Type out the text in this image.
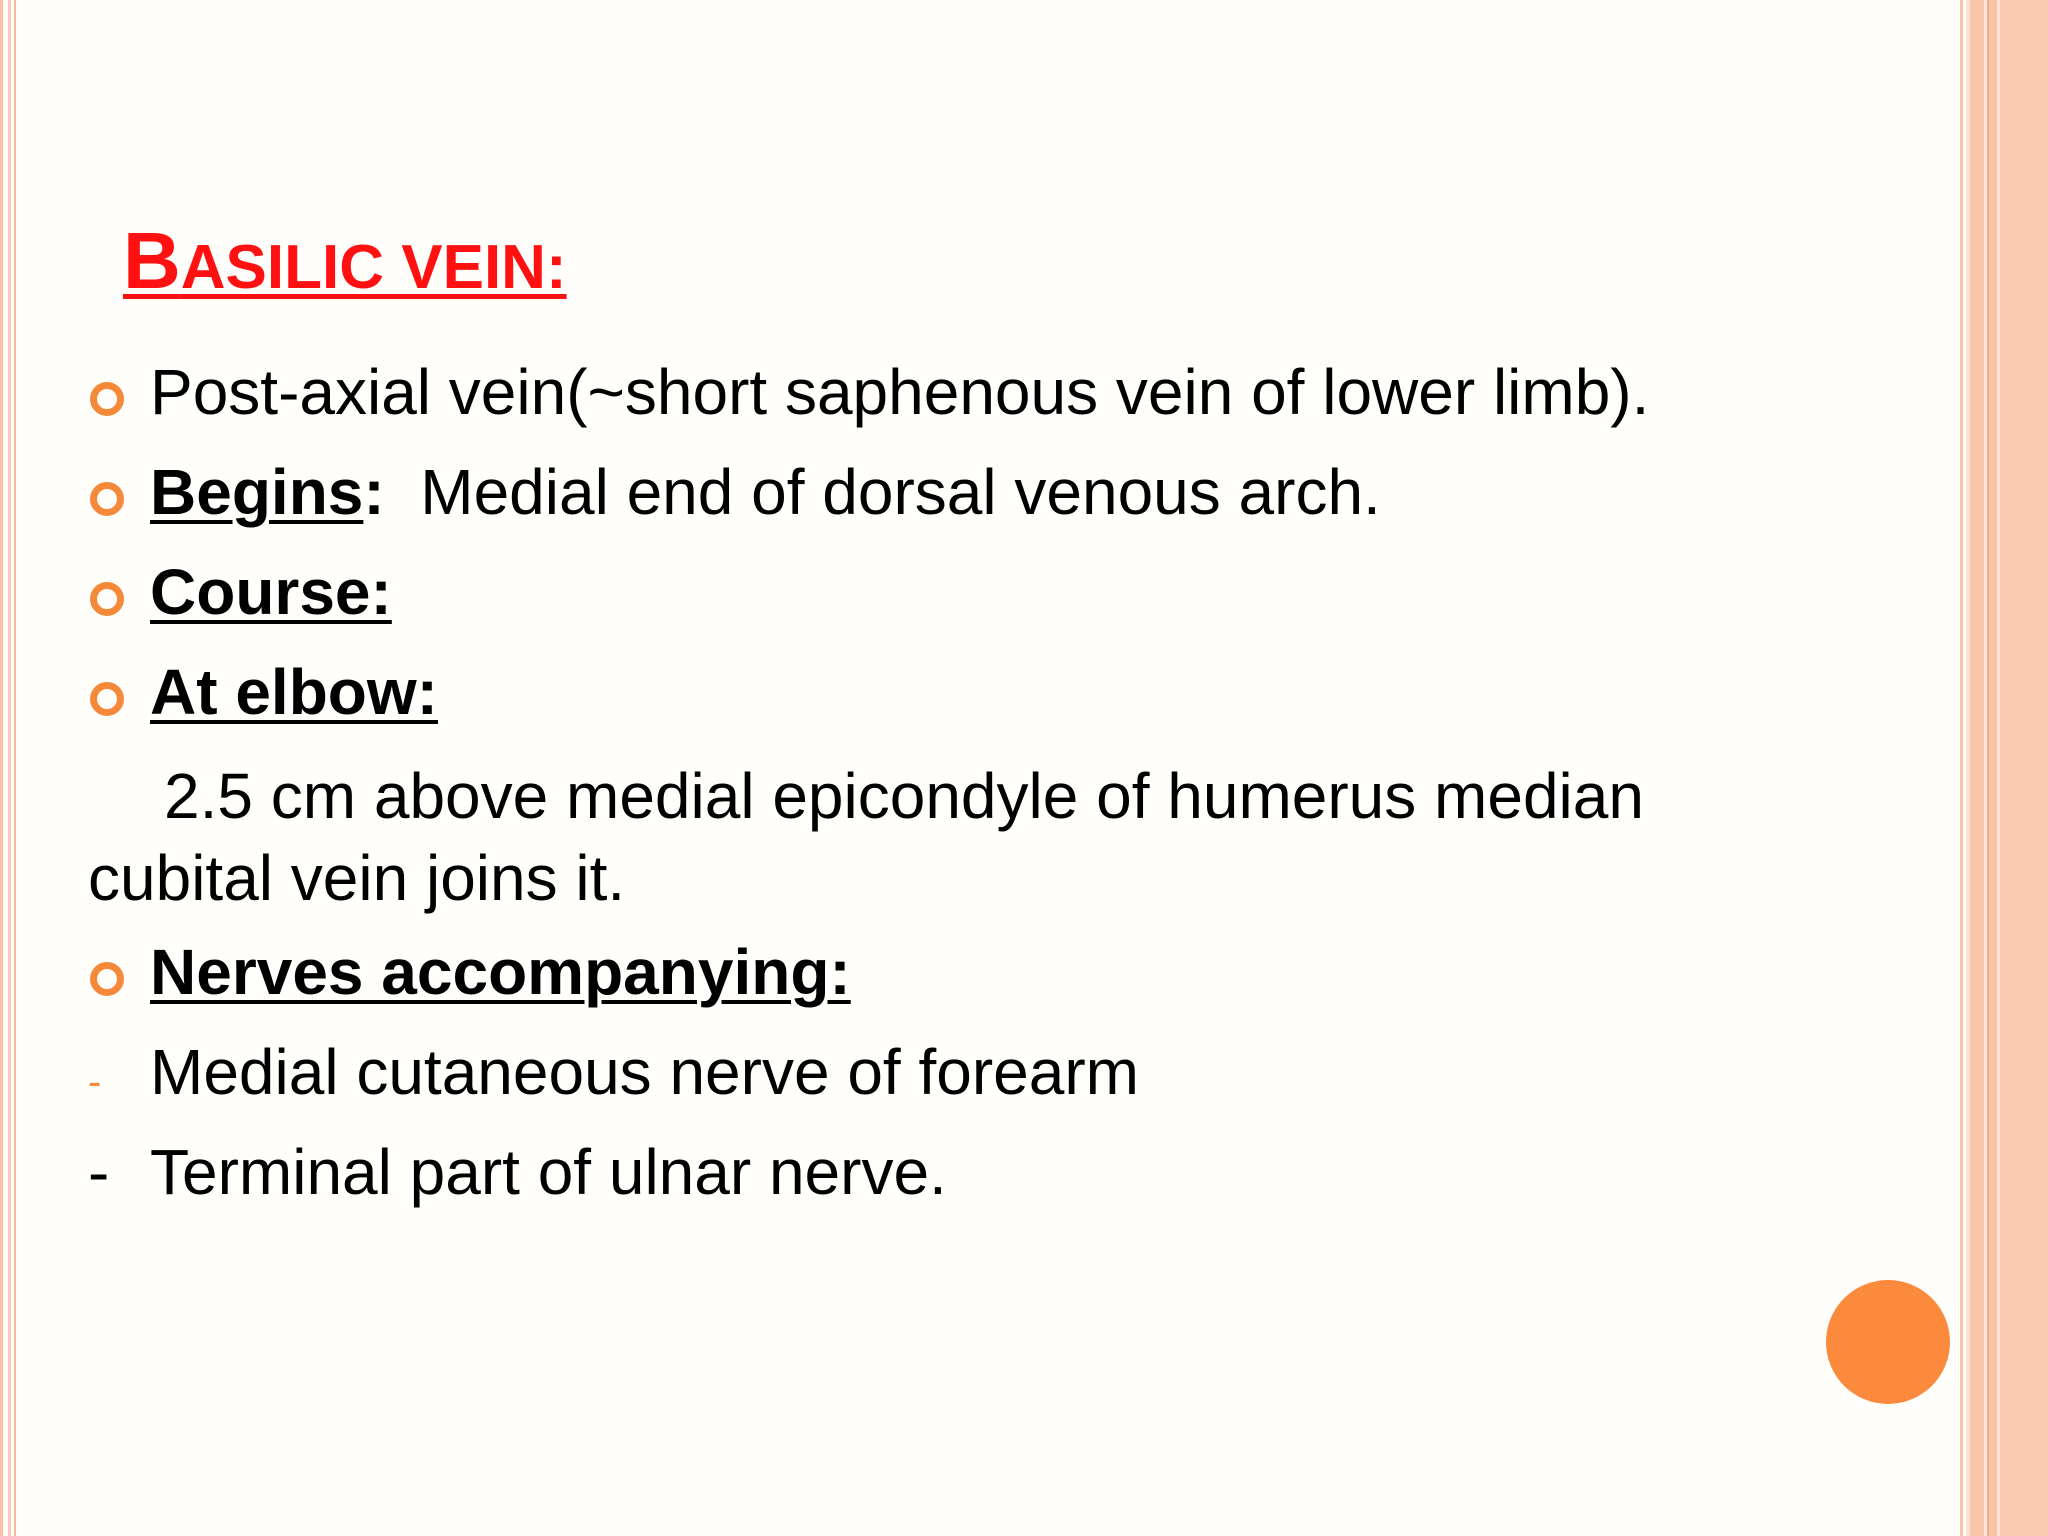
BASILIC VEIN:
Post-axial vein(~short saphenous vein of lower limb).
Begins:  Medial end of dorsal venous arch.
Course:
At elbow:
2.5 cm above medial epicondyle of humerus median
cubital vein joins it.
Nerves accompanying:
- Medial cutaneous nerve of forearm
- Terminal part of ulnar nerve.
